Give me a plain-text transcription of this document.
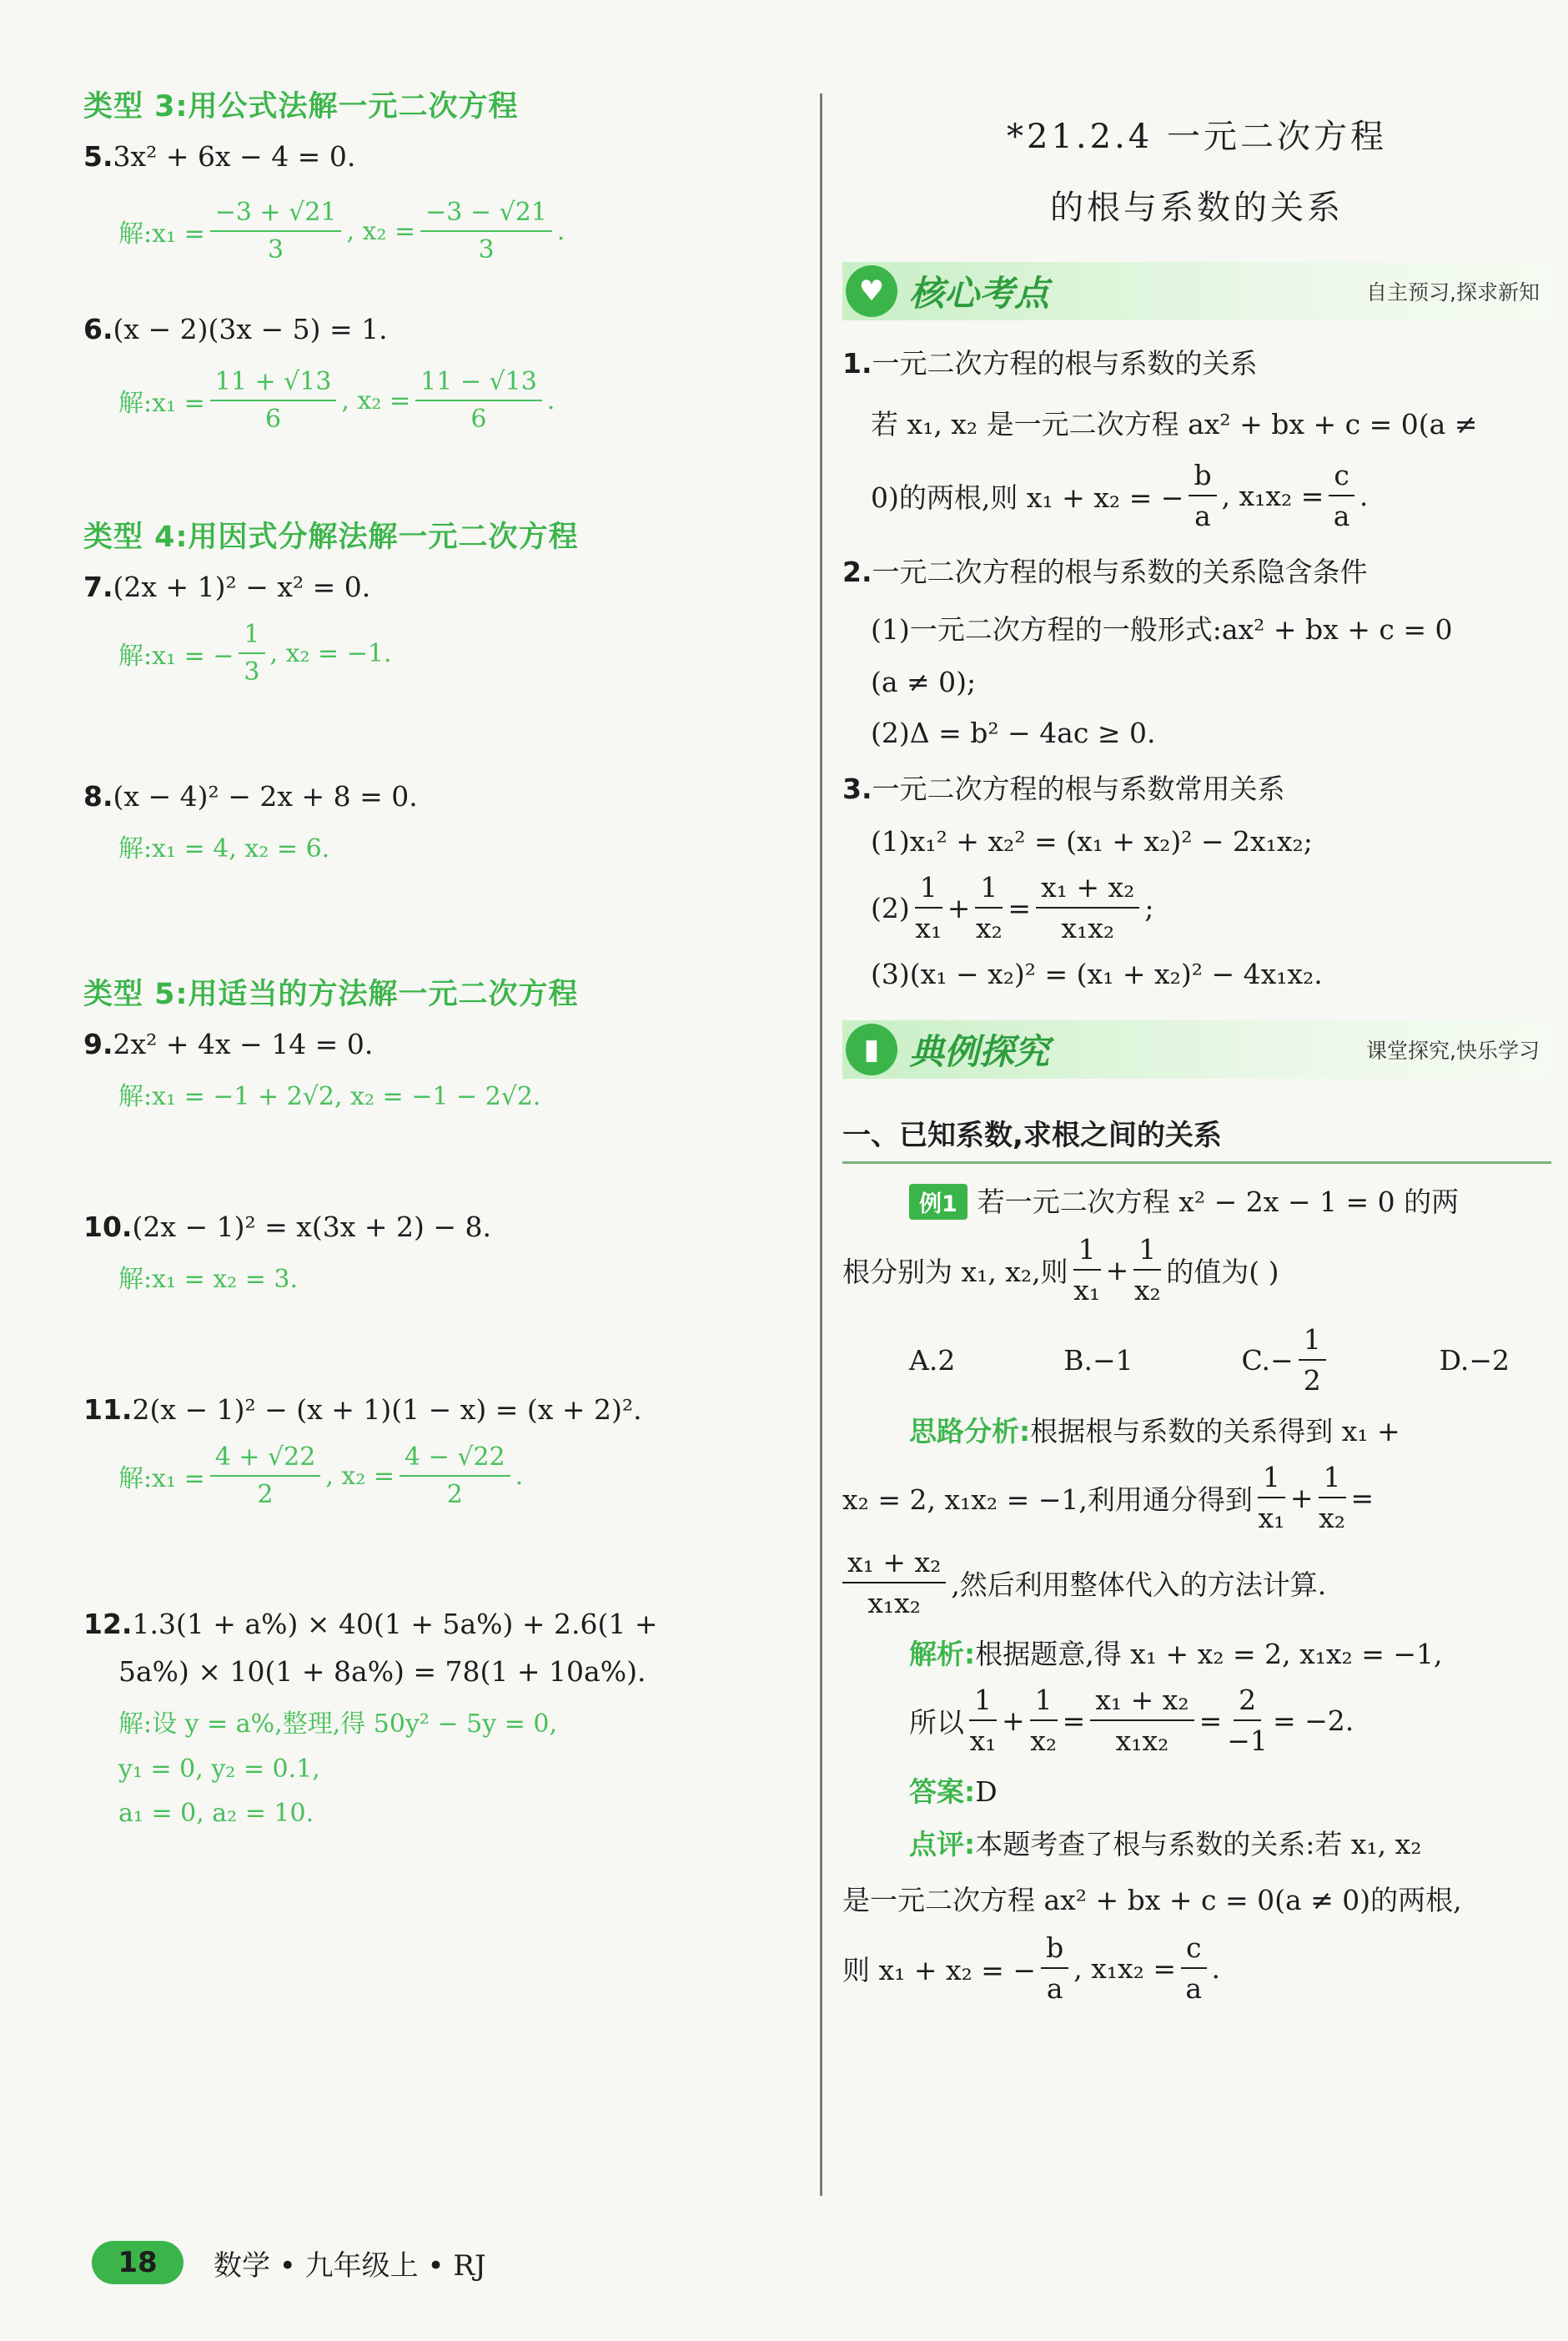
类型 3:用公式法解一元二次方程

5.3x² + 6x − 4 = 0.
解:x₁ = $\frac{-3 + √21}{3}$ , $x_2 = \frac{-3 - √21}{3}$ .
6.(x − 2)(3x − 5) = 1.
解:x₁ = $\frac{11 + √13}{6}$ , $x_2 = \frac{11 - √13}{6}$ .

类型 4:用因式分解法解一元二次方程

7.(2x + 1)² − x² = 0.
解:x₁ = − $\frac{1}{3}$ , x₂ = −1.
8.(x − 4)² − 2x + 8 = 0.
解:x₁ = 4, x₂ = 6.

类型 5:用适当的方法解一元二次方程

9.2x² + 4x − 14 = 0.
解:x₁ = −1 + 2√2, x₂ = −1 − 2√2.
10.(2x − 1)² = x(3x + 2) − 8.
解:x₁ = x₂ = 3.
11.2(x − 1)² − (x + 1)(1 − x) = (x + 2)².
解:x₁ = $\frac{4 + √22}{2}$ , $x_2 = \frac{4 - √22}{2}$ .
12.1.3(1 + a%) × 40(1 + 5a%) + 2.6(1 +
5a%) × 10(1 + 8a%) = 78(1 + 10a%).
解:设 y = a%,整理,得 50y² − 5y = 0,
y₁ = 0, y₂ = 0.1,
a₁ = 0, a₂ = 10.
*21.2.4 一元二次方程
的根与系数的关系
♥ 核心考点	自主预习,探求新知
1.一元二次方程的根与系数的关系
若 x₁, x₂ 是一元二次方程 ax² + bx + c = 0(a ≠
0)的两根,则 x₁ + x₂ = − $\frac{b}{a}$ , $x_1x_2 = \frac{c}{a}$ .
2.一元二次方程的根与系数的关系隐含条件
(1)一元二次方程的一般形式:ax² + bx + c = 0
(a ≠ 0);
(2)Δ = b² − 4ac ≥ 0.
3.一元二次方程的根与系数常用关系
(1)x₁² + x₂² = (x₁ + x₂)² − 2x₁x₂;
$(2) \frac{1}{\text{x₁}} + \frac{1}{\text{x₂}} = \frac{\text{x₁ + x₂}}{\text{x₁x₂}}$ ;
(3)(x₁ − x₂)² = (x₁ + x₂)² − 4x₁x₂.
▮ 典例探究	课堂探究,快乐学习
一、已知系数,求根之间的关系
例1 若一元二次方程 x² − 2x − 1 = 0 的两
根分别为 x₁, x₂,则 $\frac{1}{\text{x₁}} + \frac{1}{\text{x₂}}$ 的值为( )
A.2	B.−1	$C.- \frac{1}{2}$	D.−2
思路分析:根据根与系数的关系得到 x₁ +
x₂ = 2, x₁x₂ = −1,利用通分得到 $\frac{1}{\text{x₁}} + \frac{1}{\text{x₂}}$ =
$\frac{\text{x₁ + x₂}}{\text{x₁x₂}}$ ,然后利用整体代入的方法计算.
解析:根据题意,得 x₁ + x₂ = 2, x₁x₂ = −1,
所以 $\frac{1}{\text{x₁}} + \frac{1}{\text{x₂}} = \frac{\text{x₁ + x₂}}{\text{x₁x₂}} = \frac{2}{-1} = -2$.
答案:D
点评:本题考查了根与系数的关系:若 x₁, x₂
是一元二次方程 ax² + bx + c = 0(a ≠ 0)的两根,
则 x₁ + x₂ = − $\frac{b}{a}$ , $x_1x_2 = \frac{c}{a}$ .
18	数学 • 九年级上 • RJ
